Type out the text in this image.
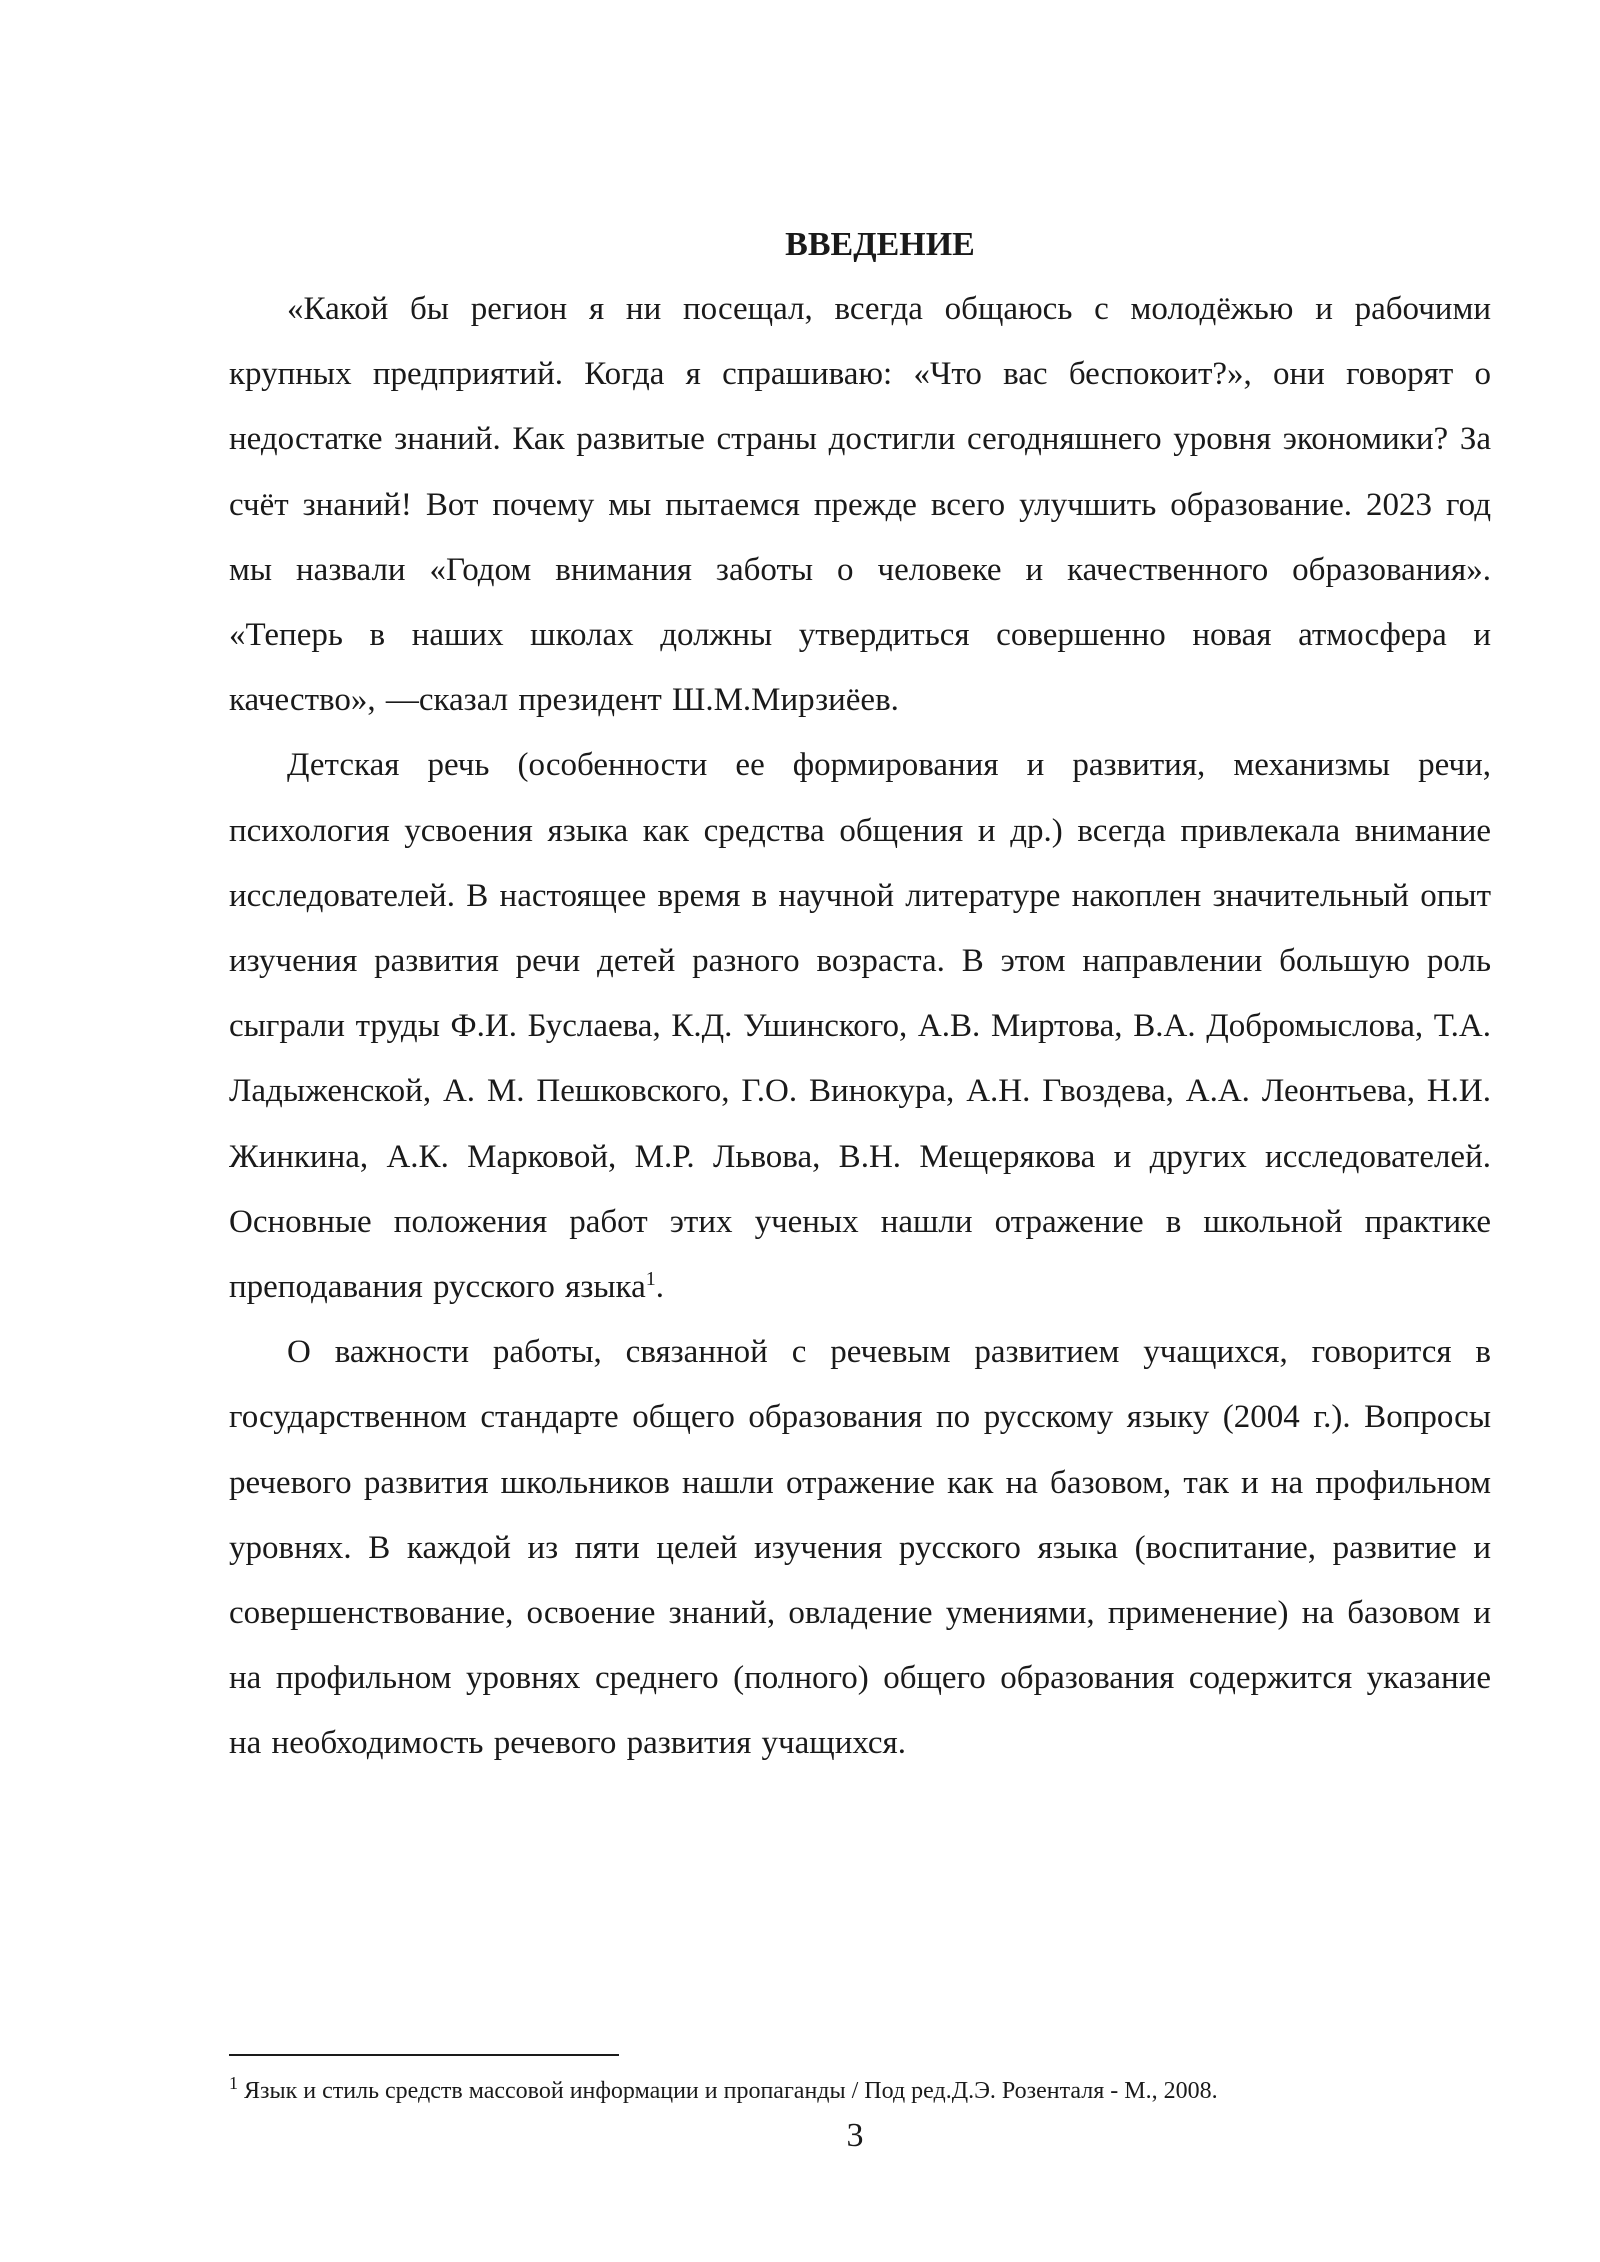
ВВЕДЕНИЕ

«Какой бы регион я ни посещал, всегда общаюсь с молодёжью и рабочими крупных предприятий. Когда я спрашиваю: «Что вас беспокоит?», они говорят о недостатке знаний. Как развитые страны достигли сегодняшнего уровня экономики? За счёт знаний! Вот почему мы пытаемся прежде всего улучшить образование. 2023 год мы назвали «Годом внимания заботы о человеке и качественного образования». «Теперь в наших школах должны утвердиться совершенно новая атмосфера и качество», —сказал президент Ш.М.Мирзиёев.

Детская речь (особенности ее формирования и развития, механизмы речи, психология усвоения языка как средства общения и др.) всегда привлекала внимание исследователей. В настоящее время в научной литературе накоплен значительный опыт изучения развития речи детей разного возраста. В этом направлении большую роль сыграли труды Ф.И. Буслаева, К.Д. Ушинского, А.В. Миртова, В.А. Добромыслова, Т.А. Ладыженской, А. М. Пешковского, Г.О. Винокура, А.Н. Гвоздева, А.А. Леонтьева, Н.И. Жинкина, А.К. Марковой, М.Р. Львова, В.Н. Мещерякова и других исследователей. Основные положения работ этих ученых нашли отражение в школьной практике преподавания русского языка$^1$.

О важности работы, связанной с речевым развитием учащихся, говорится в государственном стандарте общего образования по русскому языку (2004 г.). Вопросы речевого развития школьников нашли отражение как на базовом, так и на профильном уровнях. В каждой из пяти целей изучения русского языка (воспитание, развитие и совершенствование, освоение знаний, овладение умениями, применение) на базовом и на профильном уровнях среднего (полного) общего образования содержится указание на необходимость речевого развития учащихся.

$^1$ Язык и стиль средств массовой информации и пропаганды / Под ред.Д.Э. Розенталя - М., 2008.
3
